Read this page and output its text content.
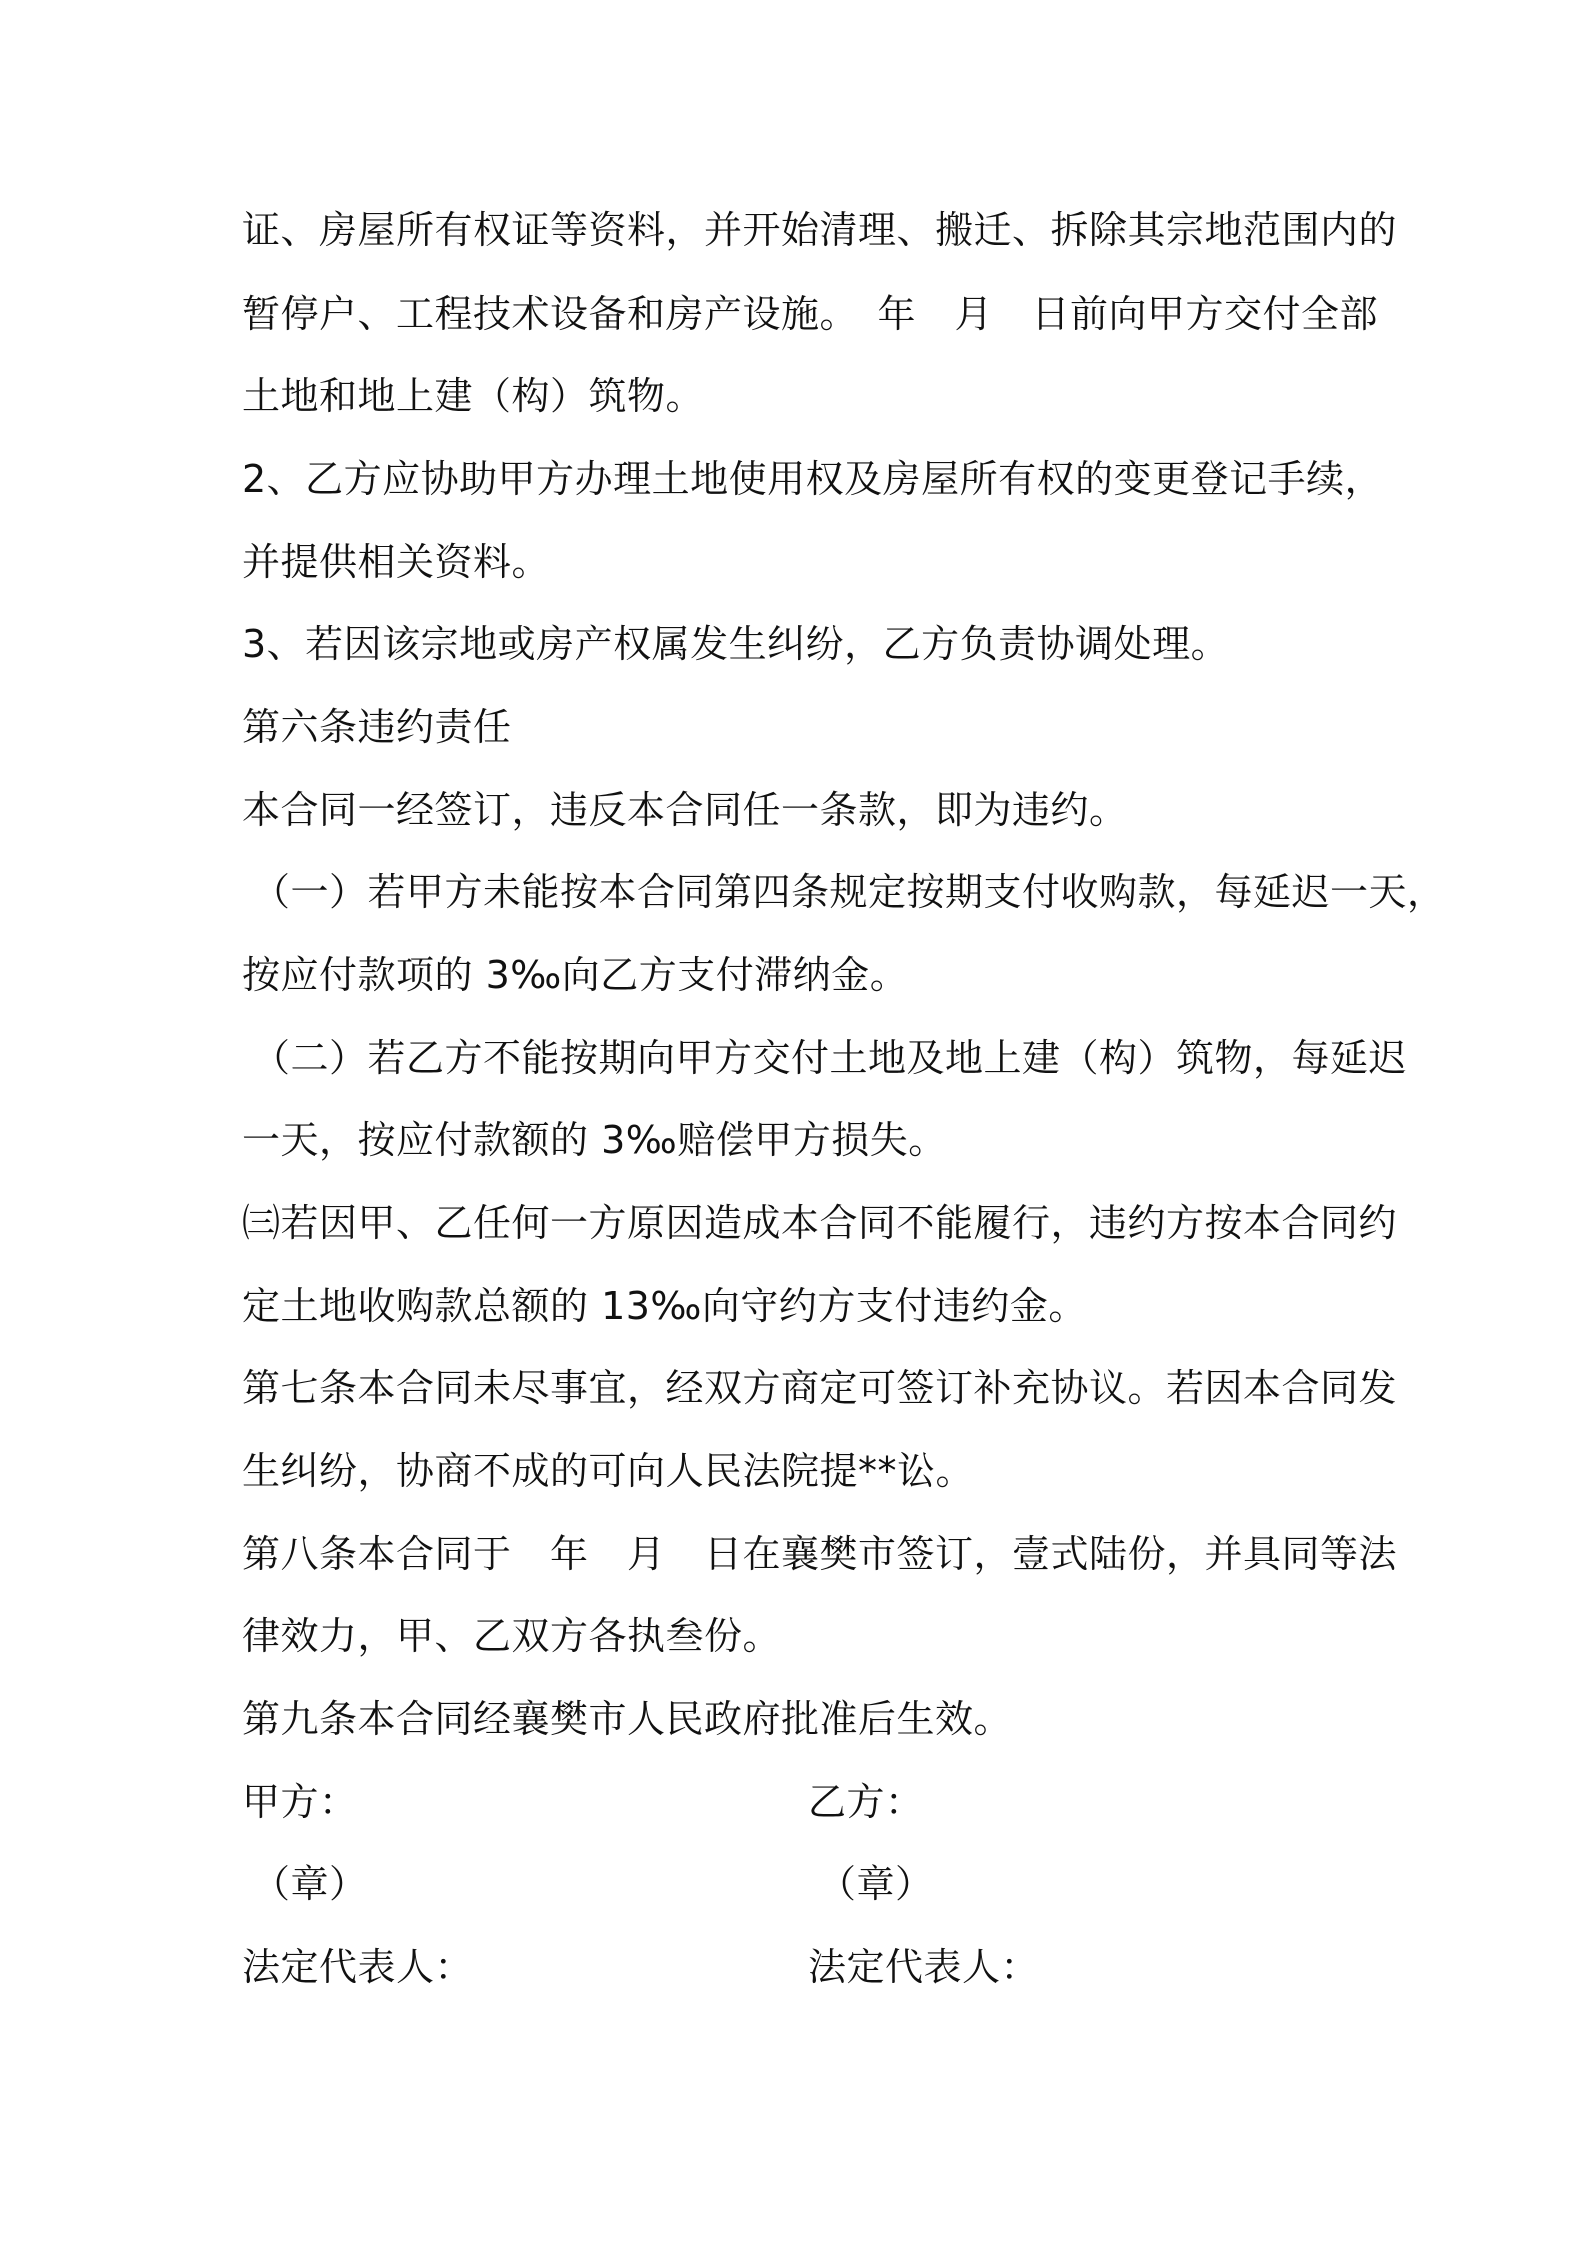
证、房屋所有权证等资料，并开始清理、搬迁、拆除其宗地范围内的
暂停户、工程技术设备和房产设施。　年　月　日前向甲方交付全部
土地和地上建（构）筑物。
2、乙方应协助甲方办理土地使用权及房屋所有权的变更登记手续，
并提供相关资料。
3、若因该宗地或房产权属发生纠纷，乙方负责协调处理。
第六条违约责任
本合同一经签订，违反本合同任一条款，即为违约。
（一）若甲方未能按本合同第四条规定按期支付收购款，每延迟一天，
按应付款项的 3‰向乙方支付滞纳金。
（二）若乙方不能按期向甲方交付土地及地上建（构）筑物，每延迟
一天，按应付款额的 3‰赔偿甲方损失。
㈢若因甲、乙任何一方原因造成本合同不能履行，违约方按本合同约
定土地收购款总额的 13‰向守约方支付违约金。
第七条本合同未尽事宜，经双方商定可签订补充协议。若因本合同发
生纠纷，协商不成的可向人民法院提**讼。
第八条本合同于　年　月　日在襄樊市签订，壹式陆份，并具同等法
律效力，甲、乙双方各执叁份。
第九条本合同经襄樊市人民政府批准后生效。
甲方：	乙方：
（章）	（章）
法定代表人：	法定代表人：
